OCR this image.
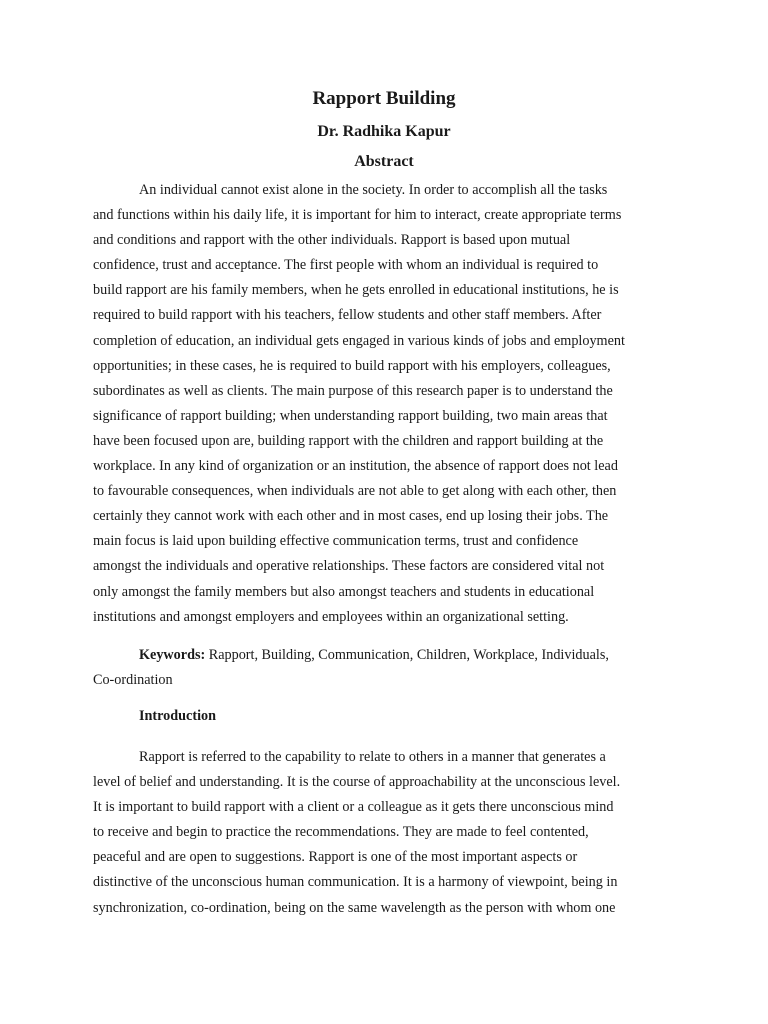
Rapport Building
Dr. Radhika Kapur
Abstract
An individual cannot exist alone in the society. In order to accomplish all the tasks
and functions within his daily life, it is important for him to interact, create appropriate terms
and conditions and rapport with the other individuals. Rapport is based upon mutual
confidence, trust and acceptance. The first people with whom an individual is required to
build rapport are his family members, when he gets enrolled in educational institutions, he is
required to build rapport with his teachers, fellow students and other staff members. After
completion of education, an individual gets engaged in various kinds of jobs and employment
opportunities; in these cases, he is required to build rapport with his employers, colleagues,
subordinates as well as clients. The main purpose of this research paper is to understand the
significance of rapport building; when understanding rapport building, two main areas that
have been focused upon are, building rapport with the children and rapport building at the
workplace. In any kind of organization or an institution, the absence of rapport does not lead
to favourable consequences, when individuals are not able to get along with each other, then
certainly they cannot work with each other and in most cases, end up losing their jobs. The
main focus is laid upon building effective communication terms, trust and confidence
amongst the individuals and operative relationships. These factors are considered vital not
only amongst the family members but also amongst teachers and students in educational
institutions and amongst employers and employees within an organizational setting.
Keywords: Rapport, Building, Communication, Children, Workplace, Individuals,
Co-ordination
Introduction
Rapport is referred to the capability to relate to others in a manner that generates a
level of belief and understanding. It is the course of approachability at the unconscious level.
It is important to build rapport with a client or a colleague as it gets there unconscious mind
to receive and begin to practice the recommendations. They are made to feel contented,
peaceful and are open to suggestions. Rapport is one of the most important aspects or
distinctive of the unconscious human communication. It is a harmony of viewpoint, being in
synchronization, co-ordination, being on the same wavelength as the person with whom one
